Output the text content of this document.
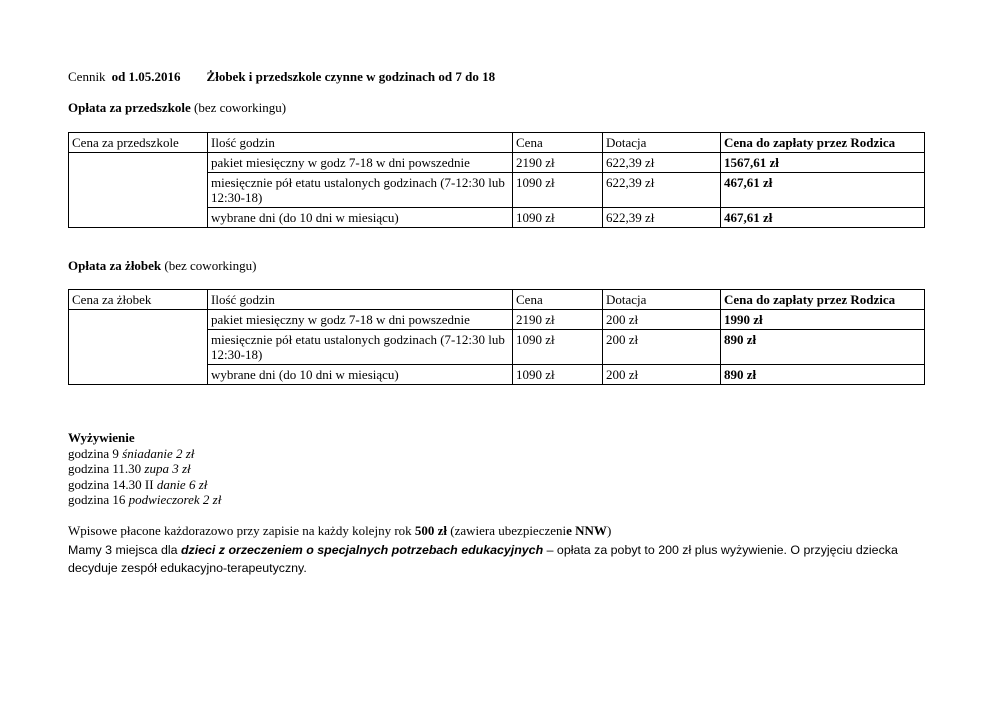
Cennik od 1.05.2016 Żłobek i przedszkole czynne w godzinach od 7 do 18
Opłata za przedszkole (bez coworkingu)
Cena za przedszkole	Ilość godzin	Cena	Dotacja	Cena do zapłaty przez Rodzica
	pakiet miesięczny w godz 7-18 w dni powszednie	2190 zł	622,39 zł	1567,61 zł
	miesięcznie pół etatu ustalonych godzinach (7-12:30 lub 12:30-18)	1090 zł	622,39 zł	467,61 zł
	wybrane dni (do 10 dni w miesiącu)	1090 zł	622,39 zł	467,61 zł
Opłata za żłobek (bez coworkingu)
Cena za żłobek	Ilość godzin	Cena	Dotacja	Cena do zapłaty przez Rodzica
	pakiet miesięczny w godz 7-18 w dni powszednie	2190 zł	200 zł	1990 zł
	miesięcznie pół etatu ustalonych godzinach (7-12:30 lub 12:30-18)	1090 zł	200 zł	890 zł
	wybrane dni (do 10 dni w miesiącu)	1090 zł	200 zł	890 zł
Wyżywienie
godzina 9 śniadanie 2 zł
godzina 11.30 zupa 3 zł
godzina 14.30 II danie 6 zł
godzina 16 podwieczorek 2 zł
Wpisowe płacone każdorazowo przy zapisie na każdy kolejny rok 500 zł (zawiera ubezpieczenie NNW)
Mamy 3 miejsca dla dzieci z orzeczeniem o specjalnych potrzebach edukacyjnych – opłata za pobyt to 200 zł plus wyżywienie. O przyjęciu dziecka decyduje zespół edukacyjno-terapeutyczny.
